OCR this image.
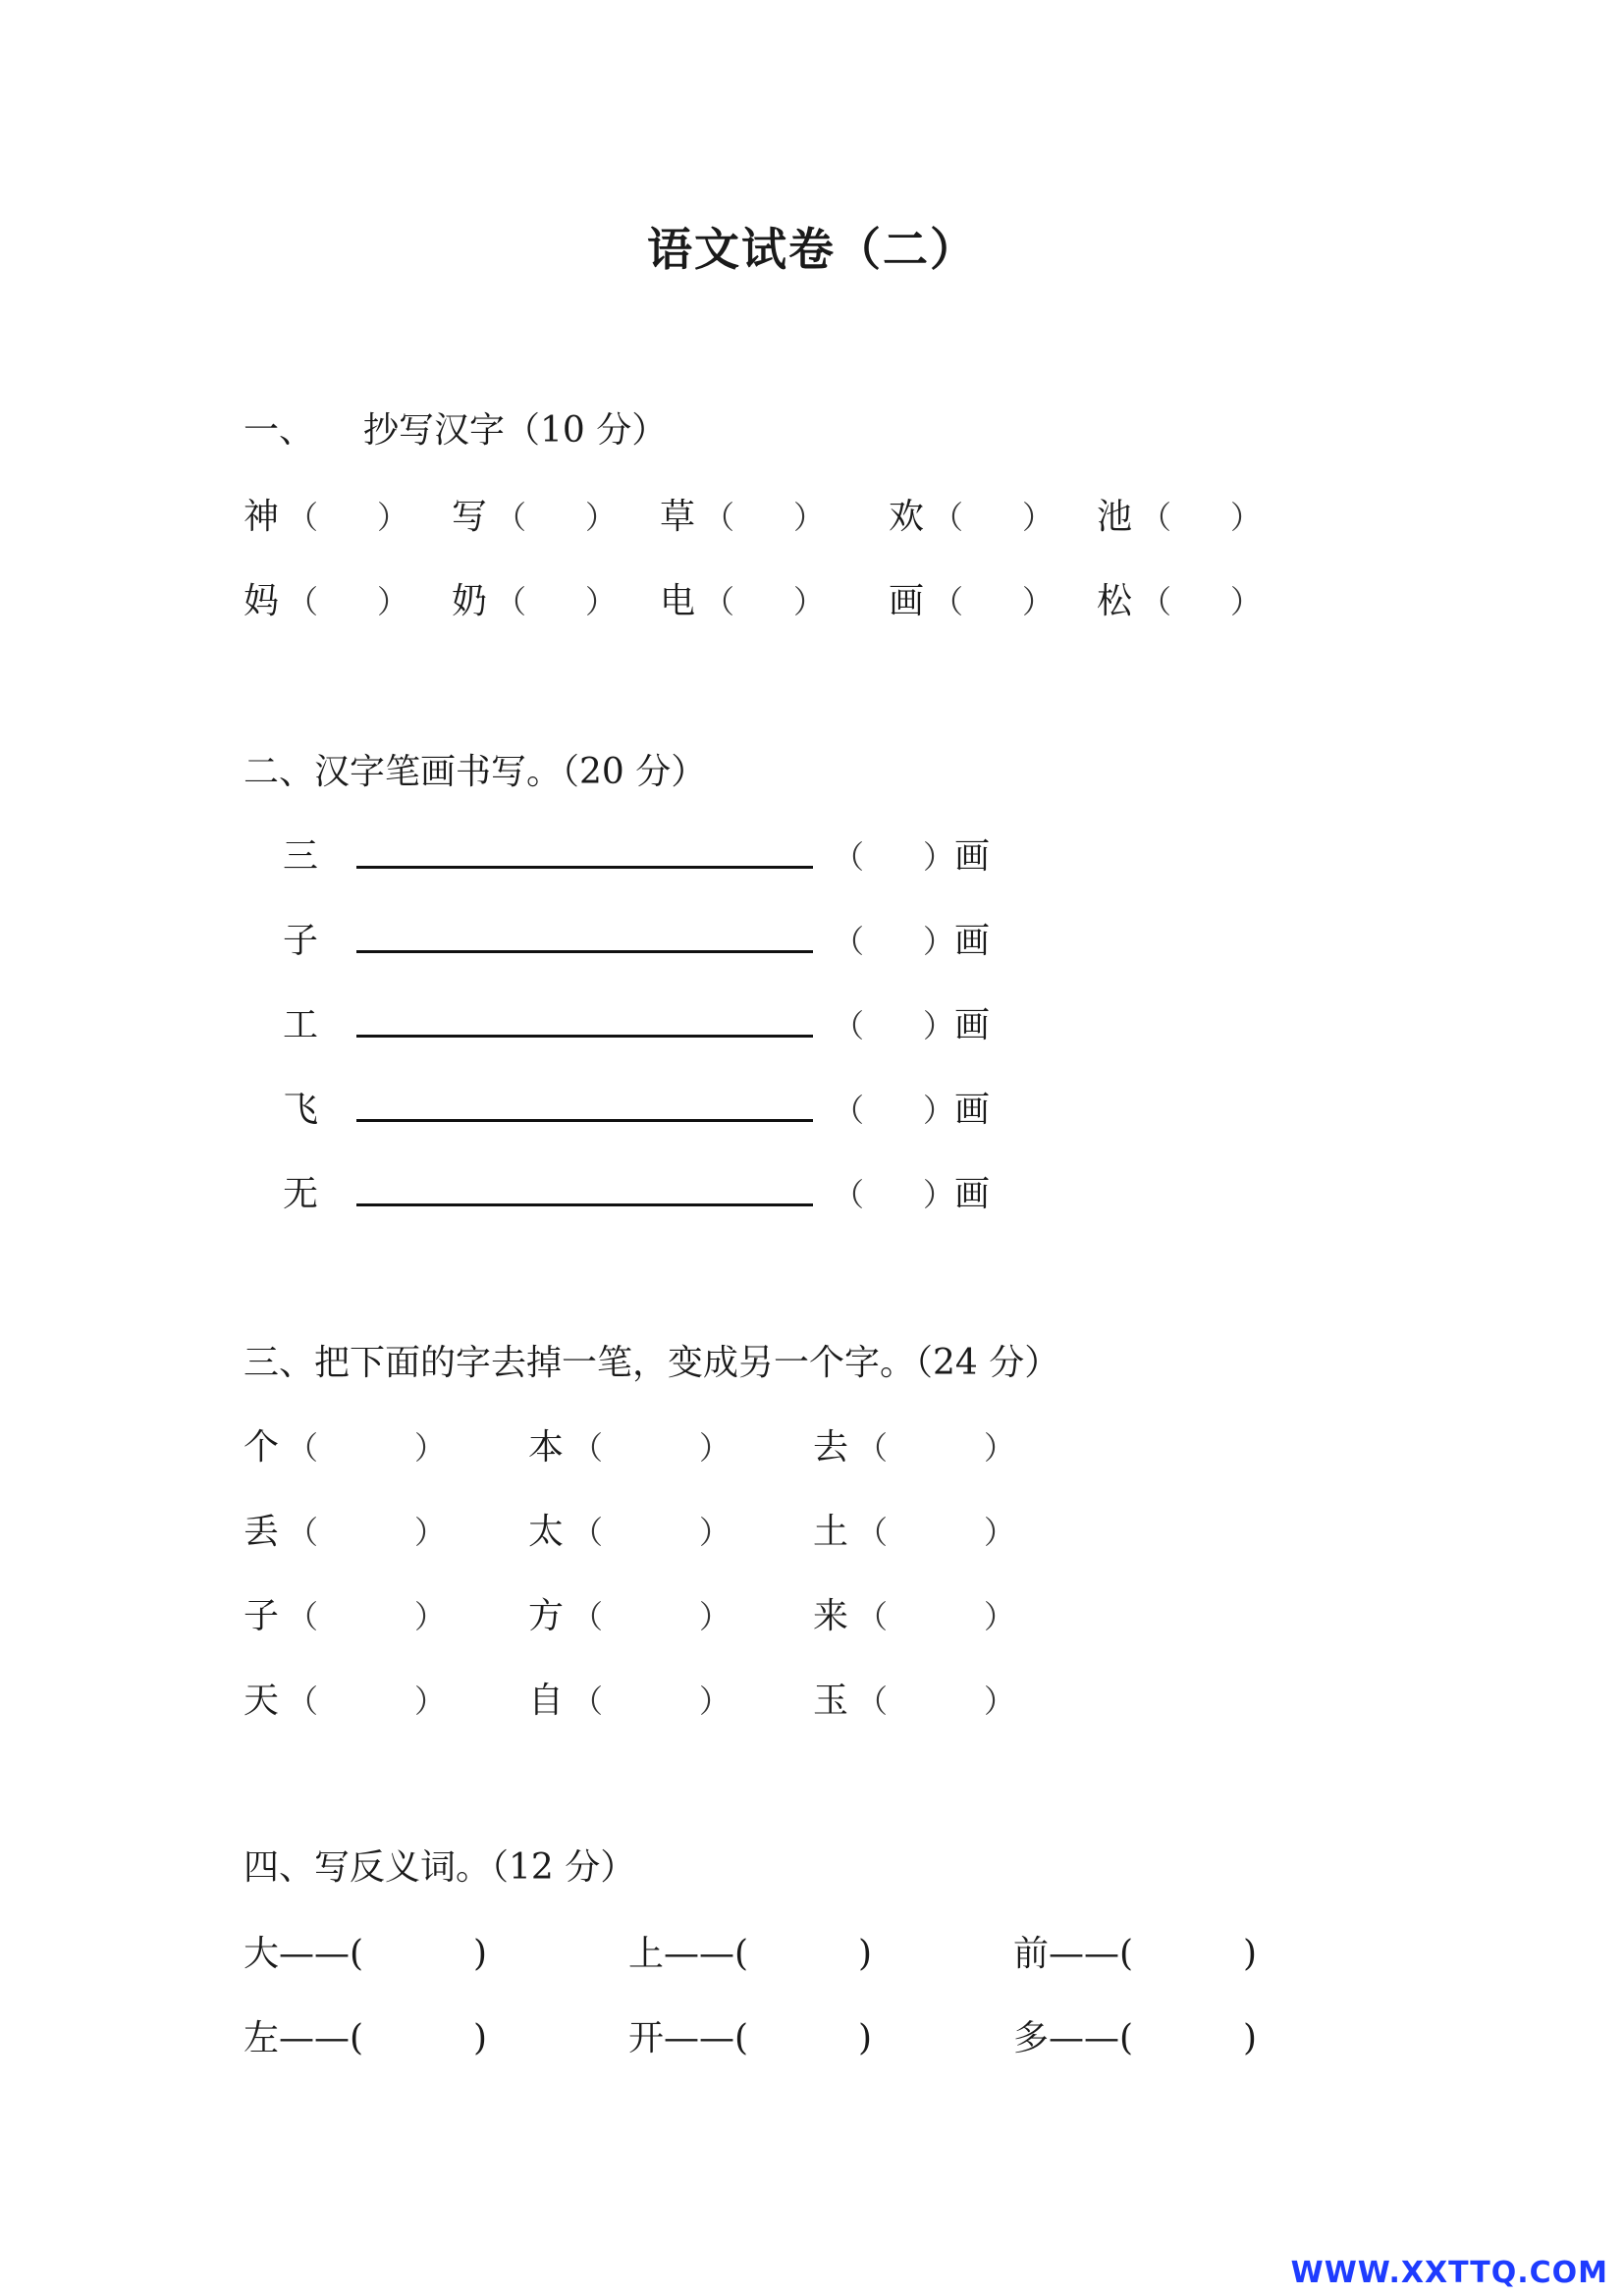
语文试卷（二）
一、 抄写汉字（10 分）
神 （ ） 写 （ ） 草 （ ） 欢 （ ） 池 （ ）
妈 （ ） 奶 （ ） 电 （ ） 画 （ ） 松 （ ）
二、汉字笔画书写。（20 分）
三	（ ）画
子	（ ）画
工	（ ）画
飞	（ ）画
无	（ ）画
三、把下面的字去掉一笔，变成另一个字。（24 分）
个 （	） 本 （	） 去 （	）
丢 （	） 太 （	） 土 （	）
子 （	） 方 （	） 来 （	）
天 （	） 自 （	） 玉 （	）
四、写反义词。（12 分）
大——(	)	上——(	)	前——(	)
左——(	)	开——(	)	多——(	)
WWW.XXTTQ.COM
